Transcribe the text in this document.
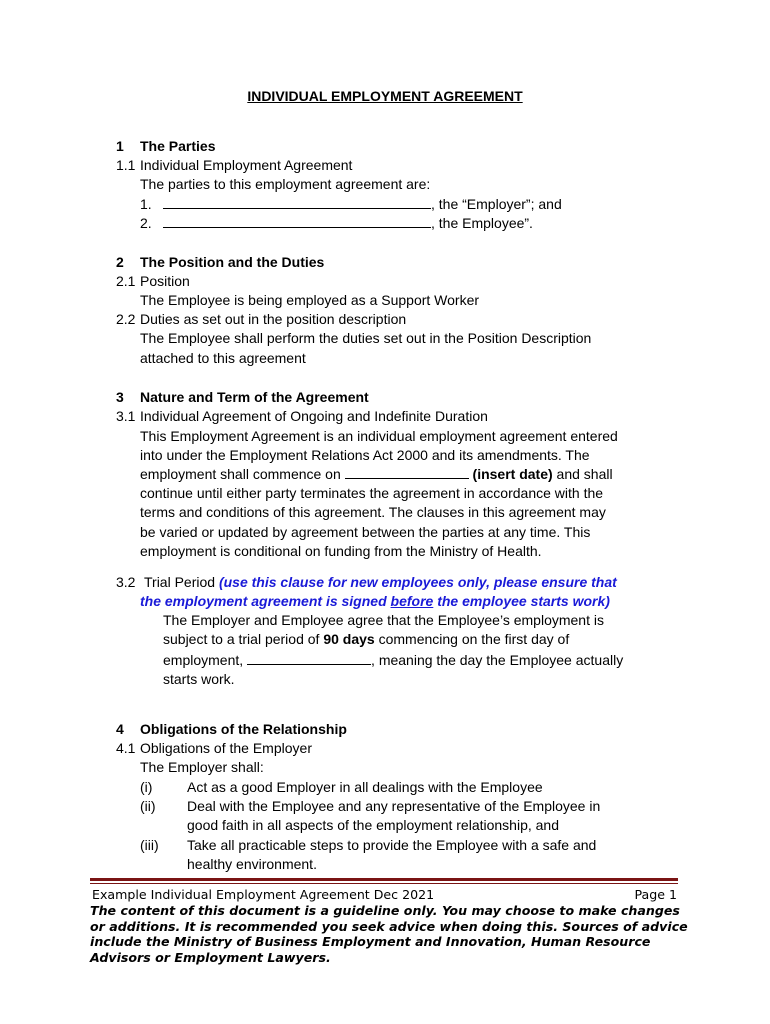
INDIVIDUAL EMPLOYMENT AGREEMENT
1 The Parties
1.1 Individual Employment Agreement
The parties to this employment agreement are:
1.	, the “Employer”; and
2.	, the Employee”.
2 The Position and the Duties
2.1 Position
The Employee is being employed as a Support Worker
2.2 Duties as set out in the position description
The Employee shall perform the duties set out in the Position Description
attached to this agreement
3 Nature and Term of the Agreement
3.1 Individual Agreement of Ongoing and Indefinite Duration
This Employment Agreement is an individual employment agreement entered
into under the Employment Relations Act 2000 and its amendments. The
employment shall commence on	(insert date) and shall
continue until either party terminates the agreement in accordance with the
terms and conditions of this agreement. The clauses in this agreement may
be varied or updated by agreement between the parties at any time. This
employment is conditional on funding from the Ministry of Health.
3.2 Trial Period (use this clause for new employees only, please ensure that
the employment agreement is signed before the employee starts work)
The Employer and Employee agree that the Employee’s employment is
subject to a trial period of 90 days commencing on the first day of
employment,	, meaning the day the Employee actually
starts work.
4 Obligations of the Relationship
4.1 Obligations of the Employer
The Employer shall:
(i) Act as a good Employer in all dealings with the Employee
(ii) Deal with the Employee and any representative of the Employee in
good faith in all aspects of the employment relationship, and
(iii) Take all practicable steps to provide the Employee with a safe and
healthy environment.
Example Individual Employment Agreement Dec 2021	Page 1
The content of this document is a guideline only. You may choose to make changes or additions. It is recommended you seek advice when doing this. Sources of advice include the Ministry of Business Employment and Innovation, Human Resource Advisors or Employment Lawyers.
